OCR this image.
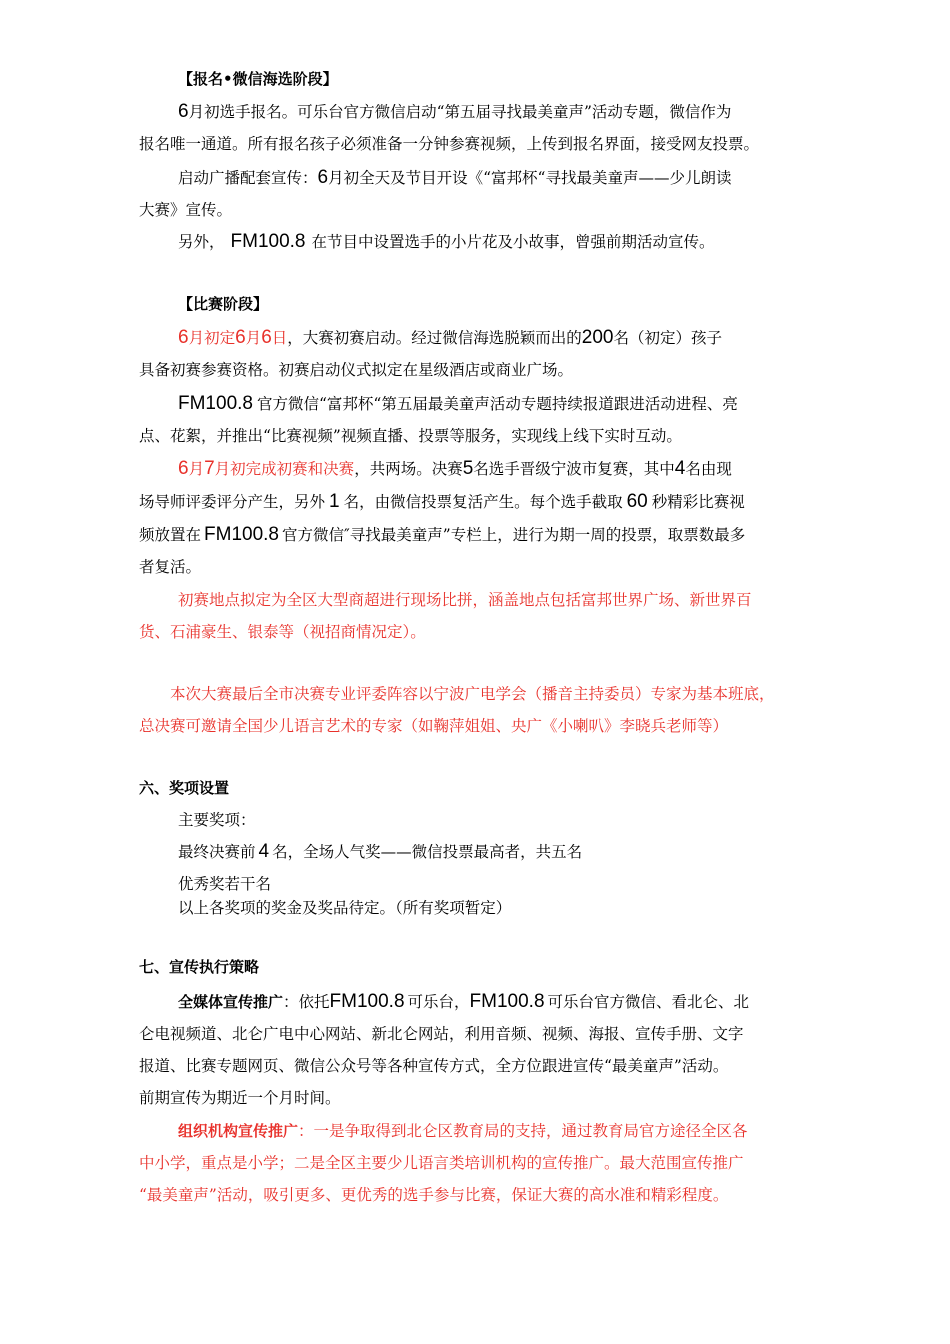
【报名•微信海选阶段】
6月初选手报名。可乐台官方微信启动“第五届寻找最美童声”活动专题，微信作为
报名唯一通道。所有报名孩子必须准备一分钟参赛视频，上传到报名界面，接受网友投票。
启动广播配套宣传：6月初全天及节目开设《“富邦杯“寻找最美童声——少儿朗读
大赛》宣传。
另外， FM100.8 在节目中设置选手的小片花及小故事，曾强前期活动宣传。
【比赛阶段】
6月初定6月6日，大赛初赛启动。经过微信海选脱颖而出的200名（初定）孩子
具备初赛参赛资格。初赛启动仪式拟定在星级酒店或商业广场。
FM100.8 官方微信“富邦杯“第五届最美童声活动专题持续报道跟进活动进程、亮
点、花絮，并推出“比赛视频”视频直播、投票等服务，实现线上线下实时互动。
6月7月初完成初赛和决赛，共两场。决赛5名选手晋级宁波市复赛，其中4名由现
场导师评委评分产生，另外 1 名，由微信投票复活产生。每个选手截取 60 秒精彩比赛视
频放置在 FM100.8 官方微信″寻找最美童声”专栏上，进行为期一周的投票，取票数最多
者复活。
初赛地点拟定为全区大型商超进行现场比拼，涵盖地点包括富邦世界广场、新世界百
货、石浦豪生、银泰等（视招商情况定）。
本次大赛最后全市决赛专业评委阵容以宁波广电学会（播音主持委员）专家为基本班底，
总决赛可邀请全国少儿语言艺术的专家（如鞠萍姐姐、央广《小喇叭》李晓兵老师等）
六、奖项设置
主要奖项：
最终决赛前 4 名，全场人气奖——微信投票最高者，共五名
优秀奖若干名
以上各奖项的奖金及奖品待定。（所有奖项暂定）
七、宣传执行策略
全媒体宣传推广：依托FM100.8 可乐台，FM100.8 可乐台官方微信、看北仑、北
仑电视频道、北仑广电中心网站、新北仑网站，利用音频、视频、海报、宣传手册、文字
报道、比赛专题网页、微信公众号等各种宣传方式，全方位跟进宣传“最美童声”活动。
前期宣传为期近一个月时间。
组织机构宣传推广：一是争取得到北仑区教育局的支持，通过教育局官方途径全区各
中小学，重点是小学；二是全区主要少儿语言类培训机构的宣传推广。最大范围宣传推广
“最美童声”活动，吸引更多、更优秀的选手参与比赛，保证大赛的高水准和精彩程度。
